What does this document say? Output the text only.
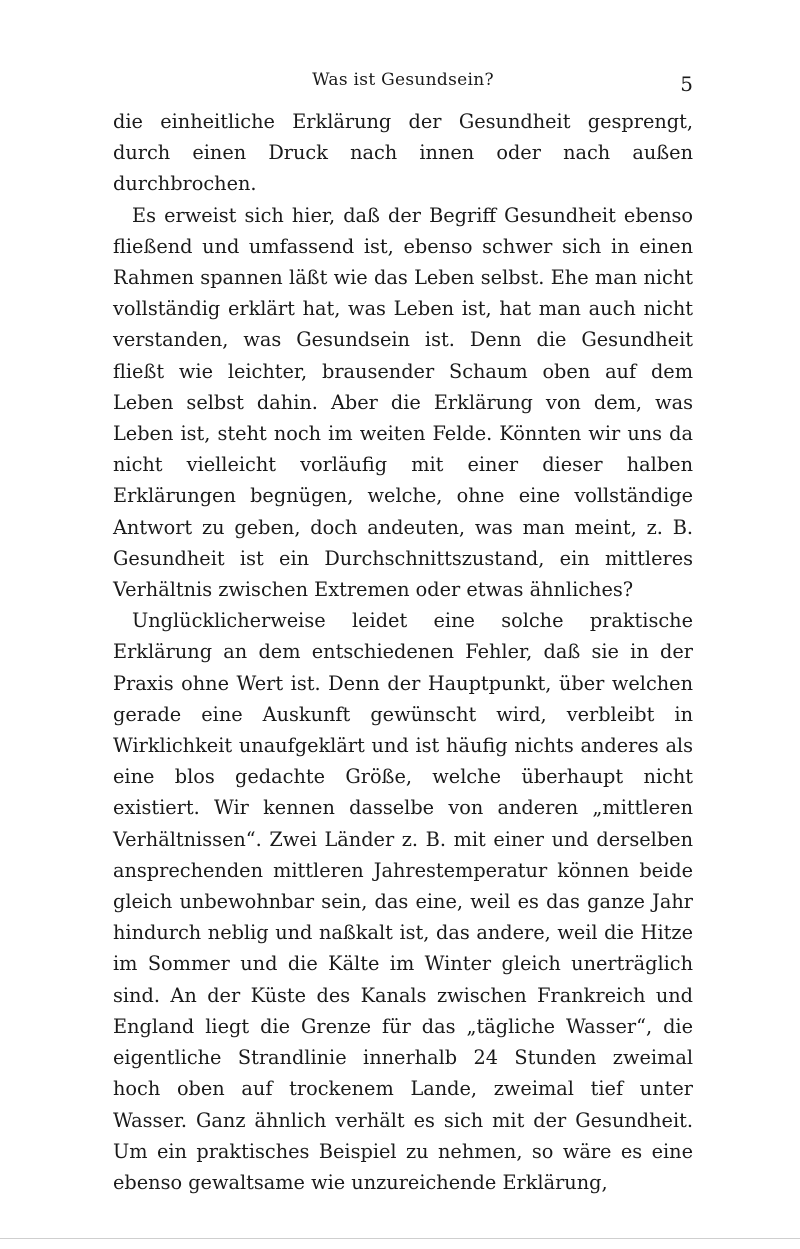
Was ist Gesundsein?	5

die einheitliche Erklärung der Gesundheit gesprengt, durch einen Druck nach innen oder nach außen durchbrochen.

Es erweist sich hier, daß der Begriff Gesundheit ebenso fließend und umfassend ist, ebenso schwer sich in einen Rahmen spannen läßt wie das Leben selbst. Ehe man nicht vollständig erklärt hat, was Leben ist, hat man auch nicht verstanden, was Gesundsein ist. Denn die Gesundheit fließt wie leichter, brausender Schaum oben auf dem Leben selbst dahin. Aber die Erklärung von dem, was Leben ist, steht noch im weiten Felde. Könnten wir uns da nicht vielleicht vorläufig mit einer dieser halben Erklärungen begnügen, welche, ohne eine vollständige Antwort zu geben, doch andeuten, was man meint, z. B. Gesundheit ist ein Durchschnittszustand, ein mittleres Verhältnis zwischen Extremen oder etwas ähnliches?

Unglücklicherweise leidet eine solche praktische Erklärung an dem entschiedenen Fehler, daß sie in der Praxis ohne Wert ist. Denn der Hauptpunkt, über welchen gerade eine Auskunft gewünscht wird, verbleibt in Wirklichkeit unaufgeklärt und ist häufig nichts anderes als eine blos gedachte Größe, welche überhaupt nicht existiert. Wir kennen dasselbe von anderen „mittleren Verhältnissen“. Zwei Länder z. B. mit einer und derselben ansprechenden mittleren Jahrestemperatur können beide gleich unbewohnbar sein, das eine, weil es das ganze Jahr hindurch neblig und naßkalt ist, das andere, weil die Hitze im Sommer und die Kälte im Winter gleich unerträglich sind. An der Küste des Kanals zwischen Frankreich und England liegt die Grenze für das „tägliche Wasser“, die eigentliche Strandlinie innerhalb 24 Stunden zweimal hoch oben auf trockenem Lande, zweimal tief unter Wasser. Ganz ähnlich verhält es sich mit der Gesundheit. Um ein praktisches Beispiel zu nehmen, so wäre es eine ebenso gewaltsame wie unzureichende Erklärung,
